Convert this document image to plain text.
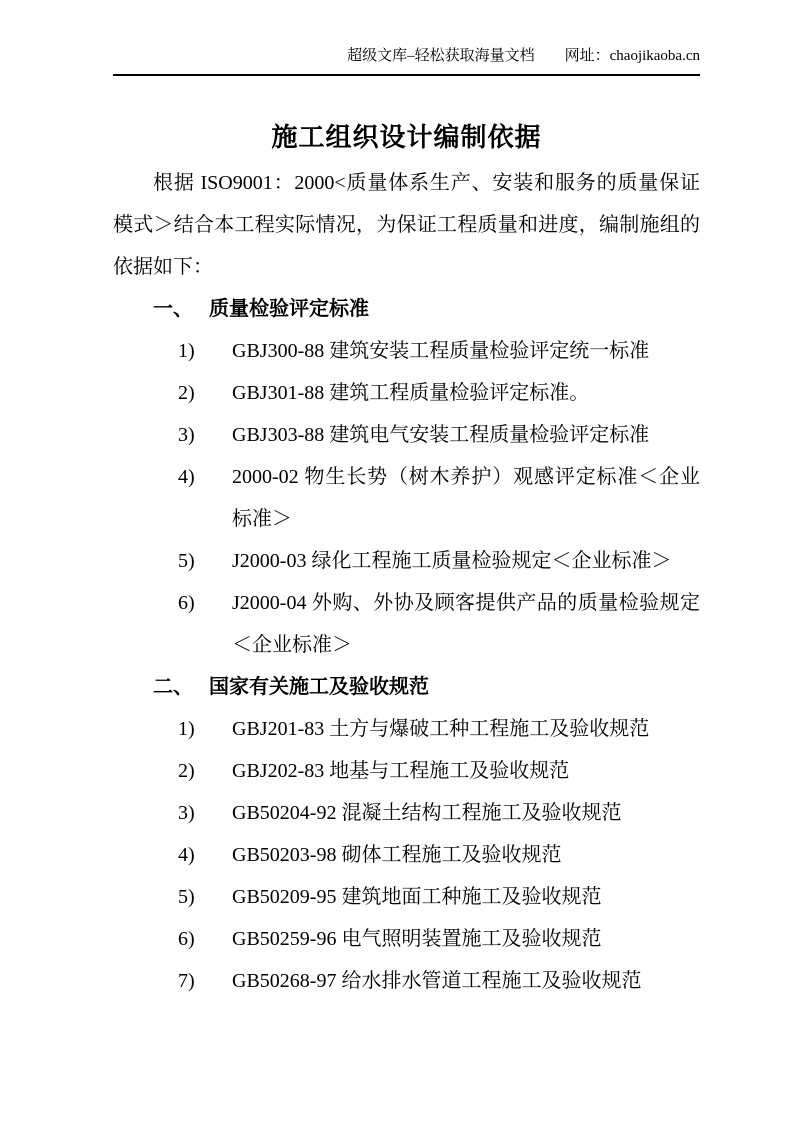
超级文库–轻松获取海量文档 网址：chaojikaoba.cn
施工组织设计编制依据

根据 ISO9001：2000<质量体系生产、安装和服务的质量保证模式＞结合本工程实际情况，为保证工程质量和进度，编制施组的依据如下：

一、 质量检验评定标准
1) GBJ300-88 建筑安装工程质量检验评定统一标准
2) GBJ301-88 建筑工程质量检验评定标准。
3) GBJ303-88 建筑电气安装工程质量检验评定标准
4) 2000-02 物生长势（树木养护）观感评定标准＜企业标准＞
5) J2000-03 绿化工程施工质量检验规定＜企业标准＞
6) J2000-04 外购、外协及顾客提供产品的质量检验规定＜企业标准＞
二、 国家有关施工及验收规范
1) GBJ201-83 土方与爆破工种工程施工及验收规范
2) GBJ202-83 地基与工程施工及验收规范
3) GB50204-92 混凝土结构工程施工及验收规范
4) GB50203-98 砌体工程施工及验收规范
5) GB50209-95 建筑地面工种施工及验收规范
6) GB50259-96 电气照明装置施工及验收规范
7) GB50268-97 给水排水管道工程施工及验收规范
